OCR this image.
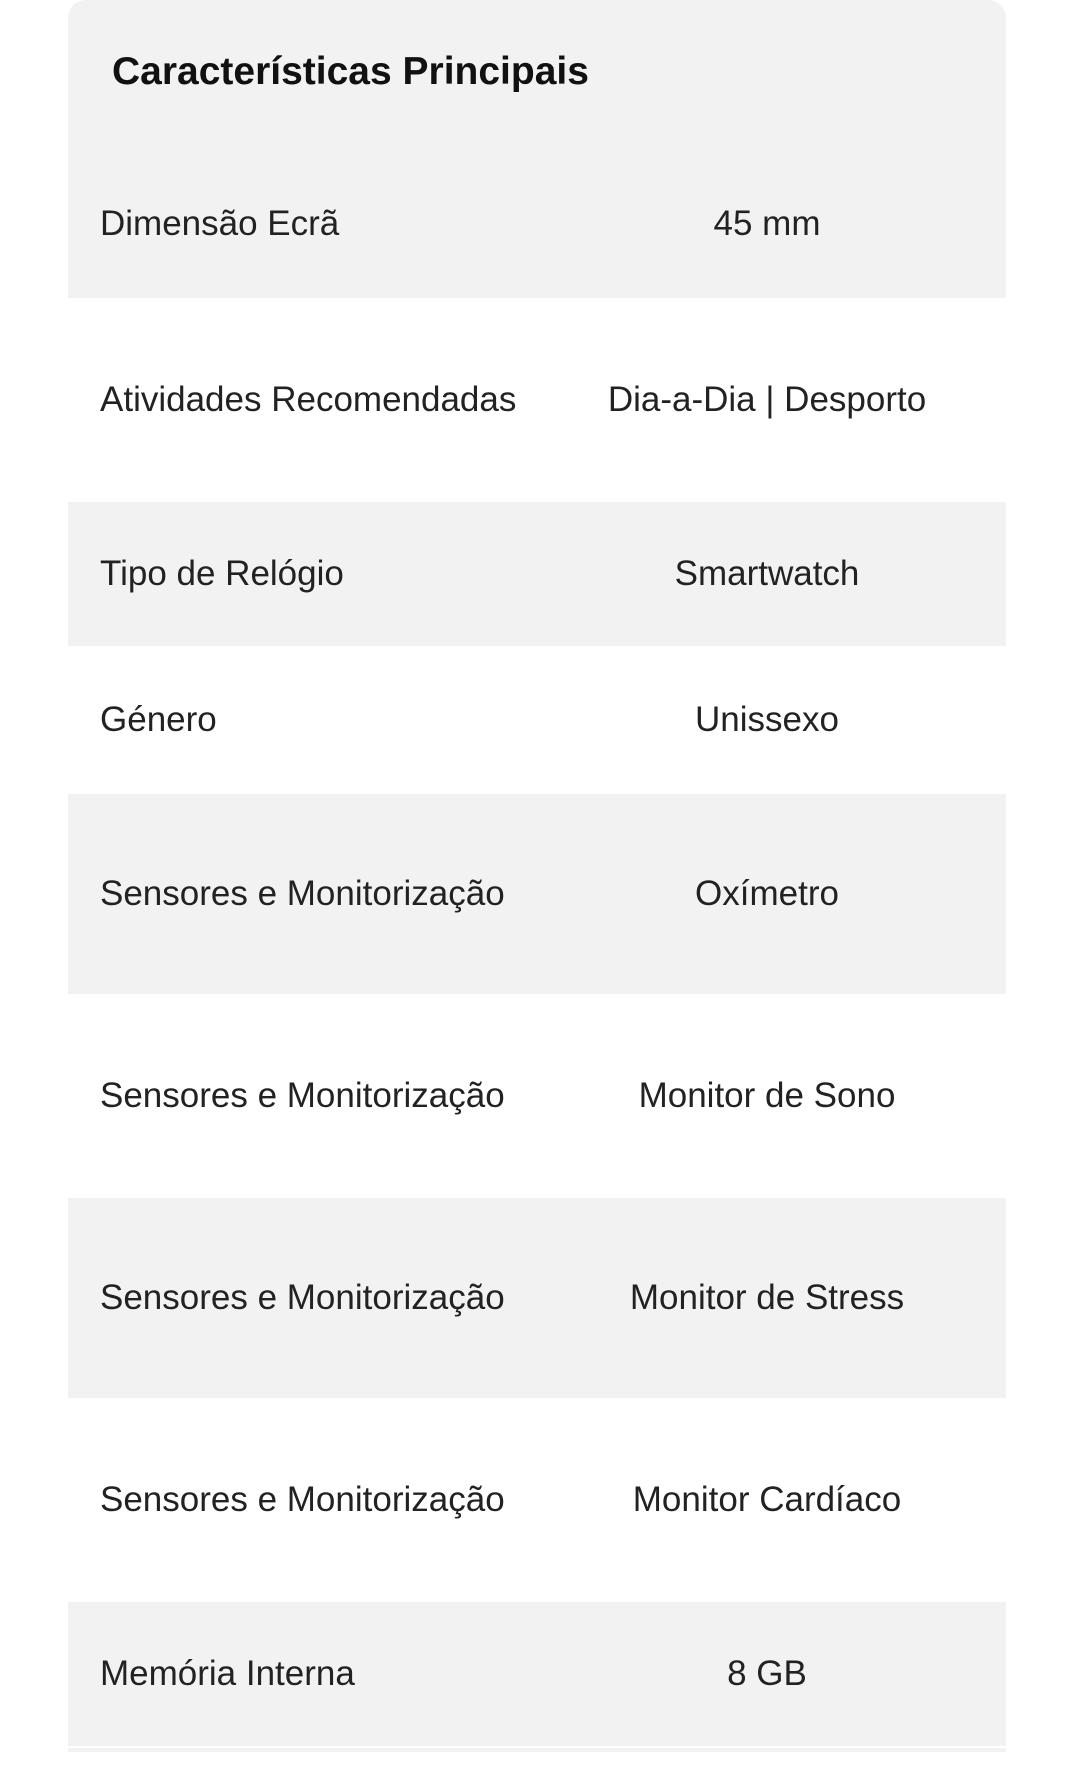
Características Principais
Dimensão Ecrã	45 mm
Atividades Recomendadas	Dia-a-Dia | Desporto
Tipo de Relógio	Smartwatch
Género	Unissexo
Sensores e Monitorização	Oxímetro
Sensores e Monitorização	Monitor de Sono
Sensores e Monitorização	Monitor de Stress
Sensores e Monitorização	Monitor Cardíaco
Memória Interna	8 GB
